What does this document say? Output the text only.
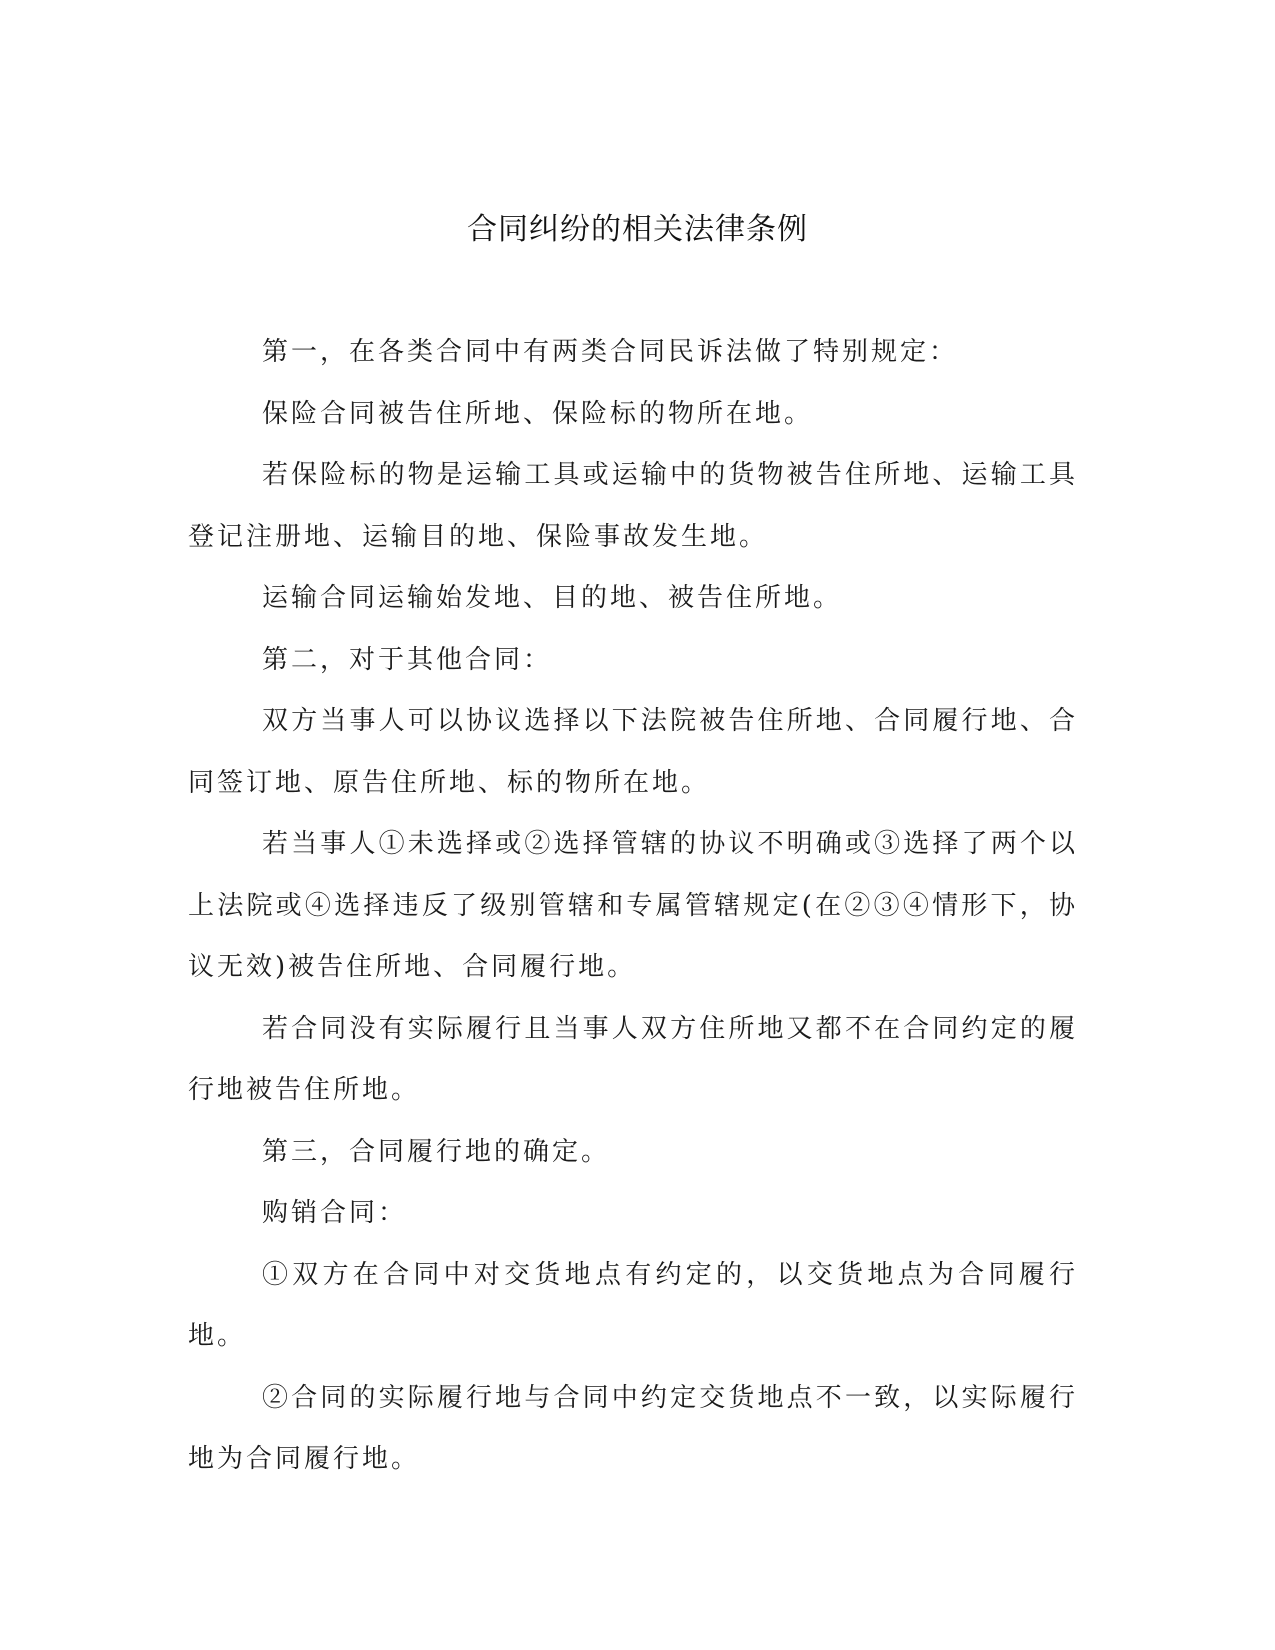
合同纠纷的相关法律条例

第一，在各类合同中有两类合同民诉法做了特别规定：

保险合同被告住所地、保险标的物所在地。

若保险标的物是运输工具或运输中的货物被告住所地、运输工具登记注册地、运输目的地、保险事故发生地。

运输合同运输始发地、目的地、被告住所地。

第二，对于其他合同：

双方当事人可以协议选择以下法院被告住所地、合同履行地、合同签订地、原告住所地、标的物所在地。

若当事人①未选择或②选择管辖的协议不明确或③选择了两个以上法院或④选择违反了级别管辖和专属管辖规定(在②③④情形下，协议无效)被告住所地、合同履行地。

若合同没有实际履行且当事人双方住所地又都不在合同约定的履行地被告住所地。

第三，合同履行地的确定。

购销合同：

①双方在合同中对交货地点有约定的，以交货地点为合同履行地。

②合同的实际履行地与合同中约定交货地点不一致，以实际履行地为合同履行地。
